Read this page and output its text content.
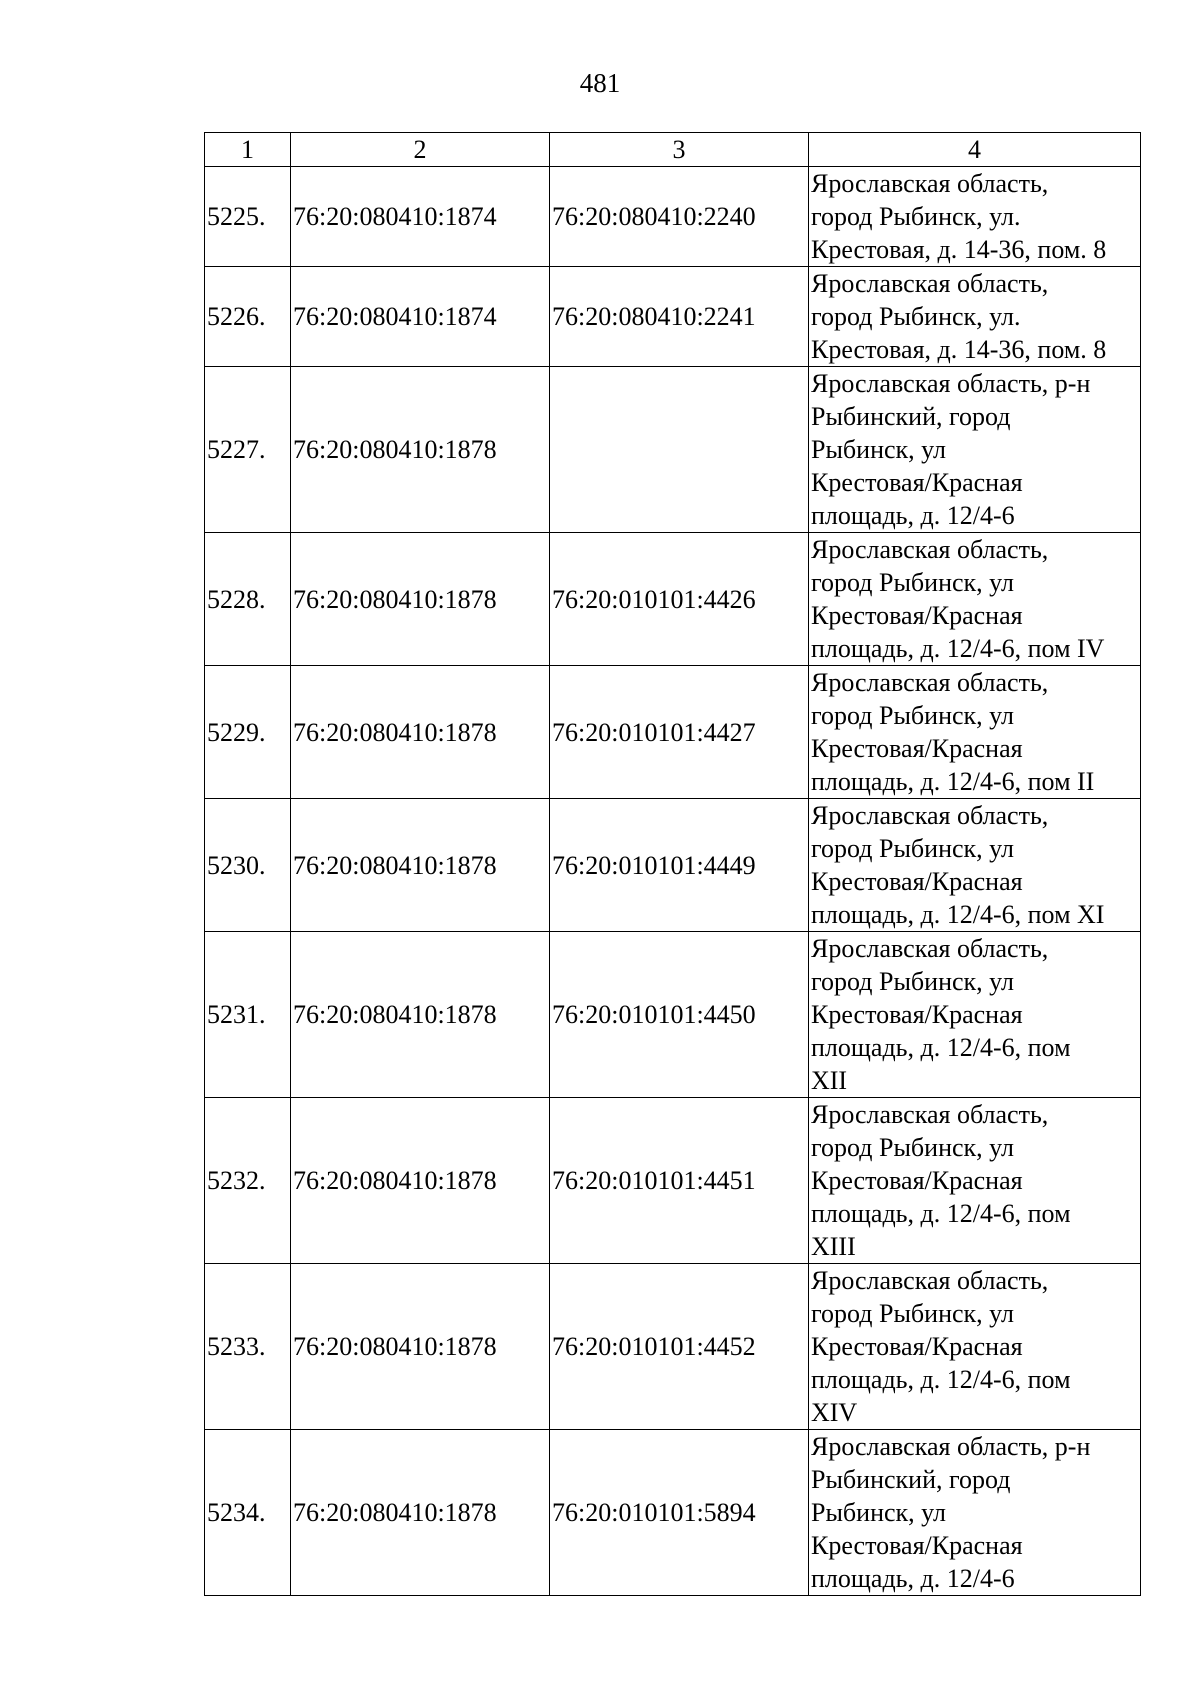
481
1	2	3	4
5225.	76:20:080410:1874	76:20:080410:2240	Ярославская область,
город Рыбинск, ул.
Крестовая, д. 14-36, пом. 8

5226.	76:20:080410:1874	76:20:080410:2241	Ярославская область,
город Рыбинск, ул.
Крестовая, д. 14-36, пом. 8

5227.	76:20:080410:1878		Ярославская область, р-н
Рыбинский, город
Рыбинск, ул
Крестовая/Красная
площадь, д. 12/4-6

5228.	76:20:080410:1878	76:20:010101:4426	Ярославская область,
город Рыбинск, ул
Крестовая/Красная
площадь, д. 12/4-6, пом IV

5229.	76:20:080410:1878	76:20:010101:4427	Ярославская область,
город Рыбинск, ул
Крестовая/Красная
площадь, д. 12/4-6, пом II

5230.	76:20:080410:1878	76:20:010101:4449	Ярославская область,
город Рыбинск, ул
Крестовая/Красная
площадь, д. 12/4-6, пом XI

5231.	76:20:080410:1878	76:20:010101:4450	Ярославская область,
город Рыбинск, ул
Крестовая/Красная
площадь, д. 12/4-6, пом
XII

5232.	76:20:080410:1878	76:20:010101:4451	Ярославская область,
город Рыбинск, ул
Крестовая/Красная
площадь, д. 12/4-6, пом
XIII

5233.	76:20:080410:1878	76:20:010101:4452	Ярославская область,
город Рыбинск, ул
Крестовая/Красная
площадь, д. 12/4-6, пом
XIV

5234.	76:20:080410:1878	76:20:010101:5894	Ярославская область, р-н
Рыбинский, город
Рыбинск, ул
Крестовая/Красная
площадь, д. 12/4-6
